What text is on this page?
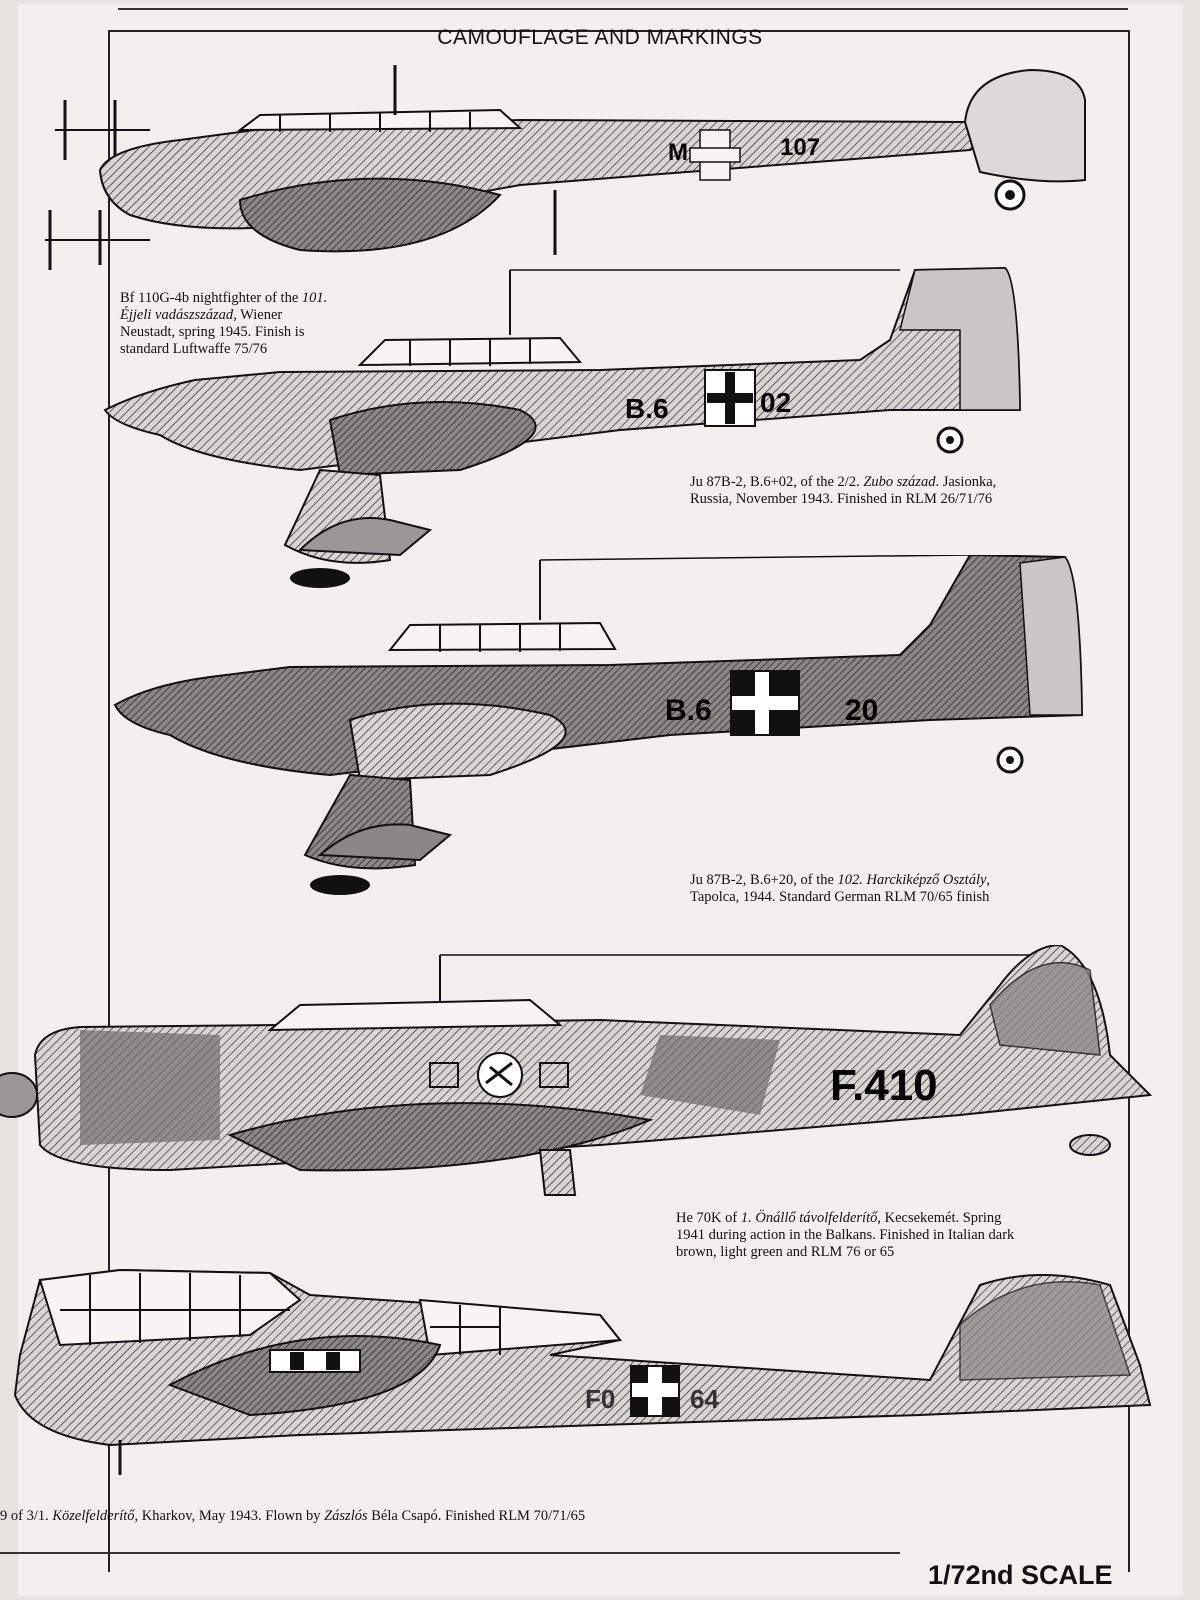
CAMOUFLAGE AND MARKINGS
M	107
Bf 110G-4b nightfighter of the 101.
Éjjeli vadászszázad, Wiener
Neustadt, spring 1945. Finish is
standard Luftwaffe 75/76
B.6	02
Ju 87B-2, B.6+02, of the 2/2. Zubo század. Jasionka,
Russia, November 1943. Finished in RLM 26/71/76
B.6	20
Ju 87B-2, B.6+20, of the 102. Harckiképző Osztály,
Tapolca, 1944. Standard German RLM 70/65 finish
F.410
He 70K of 1. Önállő távolfelderítő, Kecsekemét. Spring
1941 during action in the Balkans. Finished in Italian dark
brown, light green and RLM 76 or 65
F0	64
9 of 3/1. Közelfelderítő, Kharkov, May 1943. Flown by Zászlós Béla Csapó. Finished RLM 70/71/65
1/72nd SCALE
